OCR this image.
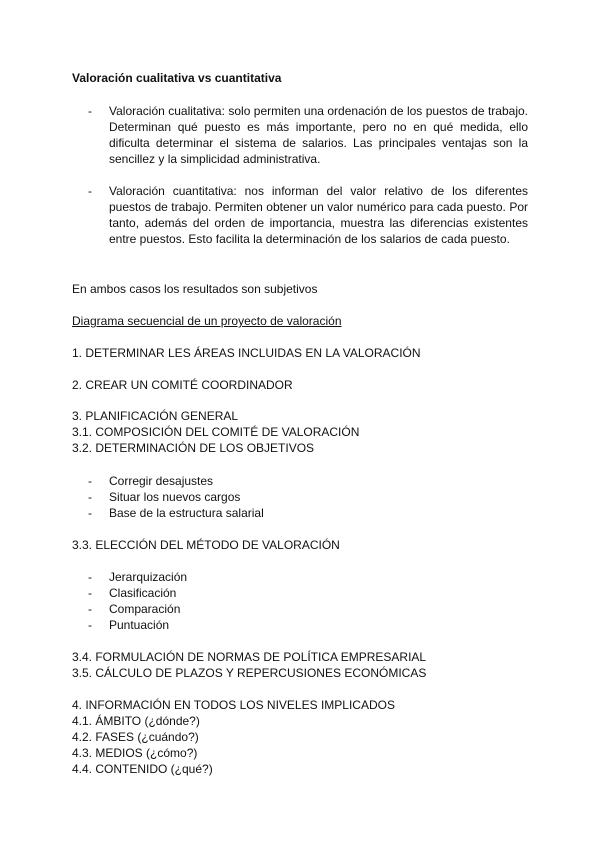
Valoración cualitativa vs cuantitativa
- Valoración cualitativa: solo permiten una ordenación de los puestos de trabajo. Determinan qué puesto es más importante, pero no en qué medida, ello dificulta determinar el sistema de salarios. Las principales ventajas son la sencillez y la simplicidad administrativa.
- Valoración cuantitativa: nos informan del valor relativo de los diferentes puestos de trabajo. Permiten obtener un valor numérico para cada puesto. Por tanto, además del orden de importancia, muestra las diferencias existentes entre puestos. Esto facilita la determinación de los salarios de cada puesto.
En ambos casos los resultados son subjetivos
Diagrama secuencial de un proyecto de valoración
1. DETERMINAR LES ÁREAS INCLUIDAS EN LA VALORACIÓN
2. CREAR UN COMITÉ COORDINADOR
3. PLANIFICACIÓN GENERAL
3.1. COMPOSICIÓN DEL COMITÉ DE VALORACIÓN
3.2. DETERMINACIÓN DE LOS OBJETIVOS
- Corregir desajustes
- Situar los nuevos cargos
- Base de la estructura salarial
3.3. ELECCIÓN DEL MÉTODO DE VALORACIÓN
- Jerarquización
- Clasificación
- Comparación
- Puntuación
3.4. FORMULACIÓN DE NORMAS DE POLÍTICA EMPRESARIAL
3.5. CÁLCULO DE PLAZOS Y REPERCUSIONES ECONÓMICAS
4. INFORMACIÓN EN TODOS LOS NIVELES IMPLICADOS
4.1. ÁMBITO (¿dónde?)
4.2. FASES (¿cuándo?)
4.3. MEDIOS (¿cómo?)
4.4. CONTENIDO (¿qué?)
